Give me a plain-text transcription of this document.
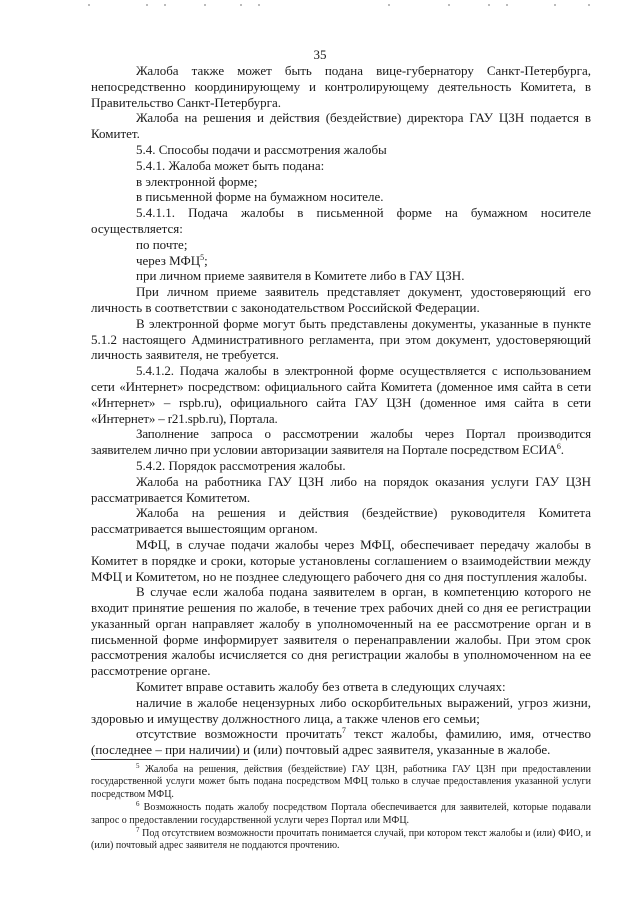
35

Жалоба также может быть подана вице-губернатору Санкт-Петербурга, непосредственно координирующему и контролирующему деятельность Комитета, в Правительство Санкт-Петербурга.

Жалоба на решения и действия (бездействие) директора ГАУ ЦЗН подается в Комитет.

5.4. Способы подачи и рассмотрения жалобы

5.4.1. Жалоба может быть подана:

в электронной форме;

в письменной форме на бумажном носителе.

5.4.1.1. Подача жалобы в письменной форме на бумажном носителе осуществляется:

по почте;

через МФЦ$^5$;

при личном приеме заявителя в Комитете либо в ГАУ ЦЗН.

При личном приеме заявитель представляет документ, удостоверяющий его личность в соответствии с законодательством Российской Федерации.

В электронной форме могут быть представлены документы, указанные в пункте 5.1.2 настоящего Административного регламента, при этом документ, удостоверяющий личность заявителя, не требуется.

5.4.1.2. Подача жалобы в электронной форме осуществляется с использованием сети «Интернет» посредством: официального сайта Комитета (доменное имя сайта в сети «Интернет» – rspb.ru), официального сайта ГАУ ЦЗН (доменное имя сайта в сети «Интернет» – r21.spb.ru), Портала.

Заполнение запроса о рассмотрении жалобы через Портал производится заявителем лично при условии авторизации заявителя на Портале посредством ЕСИА$^6$.

5.4.2. Порядок рассмотрения жалобы.

Жалоба на работника ГАУ ЦЗН либо на порядок оказания услуги ГАУ ЦЗН рассматривается Комитетом.

Жалоба на решения и действия (бездействие) руководителя Комитета рассматривается вышестоящим органом.

МФЦ, в случае подачи жалобы через МФЦ, обеспечивает передачу жалобы в Комитет в порядке и сроки, которые установлены соглашением о взаимодействии между МФЦ и Комитетом, но не позднее следующего рабочего дня со дня поступления жалобы.

В случае если жалоба подана заявителем в орган, в компетенцию которого не входит принятие решения по жалобе, в течение трех рабочих дней со дня ее регистрации указанный орган направляет жалобу в уполномоченный на ее рассмотрение орган и в письменной форме информирует заявителя о перенаправлении жалобы. При этом срок рассмотрения жалобы исчисляется со дня регистрации жалобы в уполномоченном на ее рассмотрение органе.

Комитет вправе оставить жалобу без ответа в следующих случаях:

наличие в жалобе нецензурных либо оскорбительных выражений, угроз жизни, здоровью и имуществу должностного лица, а также членов его семьи;

отсутствие возможности прочитать$^7$ текст жалобы, фамилию, имя, отчество (последнее – при наличии) и (или) почтовый адрес заявителя, указанные в жалобе.

$^5$ Жалоба на решения, действия (бездействие) ГАУ ЦЗН, работника ГАУ ЦЗН при предоставлении государственной услуги может быть подана посредством МФЦ только в случае предоставления указанной услуги посредством МФЦ.

$^6$ Возможность подать жалобу посредством Портала обеспечивается для заявителей, которые подавали запрос о предоставлении государственной услуги через Портал или МФЦ.

$^7$ Под отсутствием возможности прочитать понимается случай, при котором текст жалобы и (или) ФИО, и (или) почтовый адрес заявителя не поддаются прочтению.
